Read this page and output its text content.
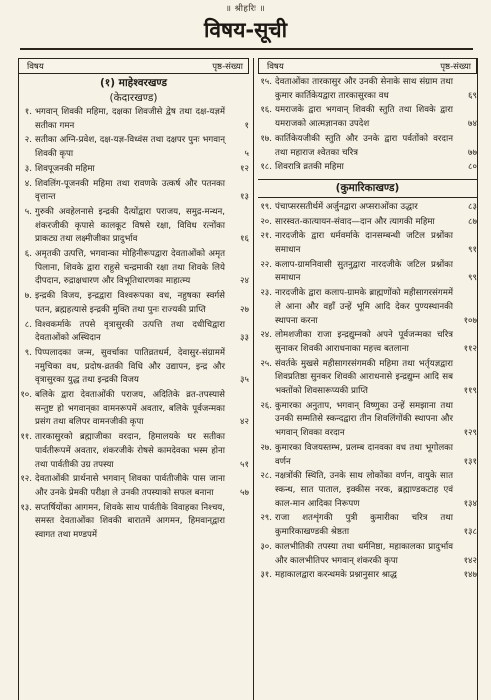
॥ श्रीहरिः ॥
विषय-सूची
विषय	पृष्ठ-संख्या
(१) माहेश्वरखण्ड
(केदारखण्ड)
१. भगवान् शिवकी महिमा, दक्षका शिवजीसे द्वेष तथा दक्ष-यज्ञमें सतीका गमन	१
२. सतीका अग्नि-प्रवेश, दक्ष-यज्ञ-विध्वंस तथा दक्षपर पुनः भगवान् शिवकी कृपा	५
३. शिवपूजनकी महिमा	१२
४. शिवलिंग-पूजनकी महिमा तथा रावणके उत्कर्ष और पतनका वृत्तान्त	१३
५. गुरुकी अवहेलनासे इन्द्रकी दैत्योंद्वारा पराजय, समुद्र-मन्थन, शंकरजीकी कृपासे कालकूट विषसे रक्षा, विविध रत्नोंका प्राकट्य तथा लक्ष्मीजीका प्रादुर्भाव	१६
६. अमृतकी उत्पत्ति, भगवान्का मोहिनीरूपद्वारा देवताओंको अमृत पिलाना, शिवके द्वारा राहुसे चन्द्रमाकी रक्षा तथा शिवके लिये दीपदान, रुद्राक्षधारण और विभूतिधारणका माहात्म्य	२४
७. इन्द्रकी विजय, इन्द्रद्वारा विश्वरूपका वध, नहुषका स्वर्गसे पतन, ब्रह्महत्यासे इन्द्रकी मुक्ति तथा पुनः राज्यकी प्राप्ति	२७
८. विश्वकर्माके तपसे वृत्रासुरकी उत्पत्ति तथा दधीचिद्वारा देवताओंको अस्थिदान	३३
९. पिप्पलादका जन्म, सुवर्चाका पातिव्रतधर्म, देवासुर-संग्राममें नमुचिका वध, प्रदोष-व्रतकी विधि और उद्यापन, इन्द्र और वृत्रासुरका युद्ध तथा इन्द्रकी विजय	३५
१०. बलिके द्वारा देवताओंकी पराजय, अदितिके व्रत-तपस्यासे सन्तुष्ट हो भगवान्‌का वामनरूपमें अवतार, बलिके पूर्वजन्मका प्रसंग तथा बलिपर वामनजीकी कृपा	४२
११. तारकासुरको ब्रह्माजीका वरदान, हिमालयके घर सतीका पार्वतीरूपमें अवतार, शंकरजीके रोषसे कामदेवका भस्म होना तथा पार्वतीकी उग्र तपस्या	५१
१२. देवताओंकी प्रार्थनासे भगवान् शिवका पार्वतीजीके पास जाना और उनके प्रेमकी परीक्षा ले उनकी तपस्याको सफल बनाना	५७
१३. सप्तर्षियोंका आगमन, शिवके साथ पार्वतीके विवाहका निश्चय, समस्त देवताओंका शिवकी बारातमें आगमन, हिमवान्‌द्वारा स्वागत तथा मण्डपमें
विषय	पृष्ठ-संख्या
१५. देवताओंका तारकासुर और उनकी सेनाके साथ संग्राम तथा कुमार कार्तिकेयद्वारा तारकासुरका वध	६९
१६. यमराजके द्वारा भगवान् शिवकी स्तुति तथा शिवके द्वारा यमराजको आत्मज्ञानका उपदेश	७४
१७. कार्तिकेयजीकी स्तुति और उनके द्वारा पर्वतोंको वरदान तथा महाराज श्वेतका चरित्र	७७
१८. शिवरात्रि व्रतकी महिमा	८०
(कुमारिकाखण्ड)
१९. पंचाप्सरसतीर्थमें अर्जुनद्वारा अप्सराओंका उद्धार	८३
२०. सारस्वत-कात्यायन-संवाद—दान और त्यागकी महिमा	८७
२१. नारदजीके द्वारा धर्मवर्माके दानसम्बन्धी जटिल प्रश्नोंका समाधान	९१
२२. कलाप-ग्रामनिवासी सुतनुद्वारा नारदजीके जटिल प्रश्नोंका समाधान	९९
२३. नारदजीके द्वारा कलाप-ग्रामके ब्राह्मणोंको महीसागरसंगममें ले आना और वहाँ उन्हें भूमि आदि देकर पुण्यस्थानकी स्थापना करना	१०७
२४. लोमशजीका राजा इन्द्रद्युम्नको अपने पूर्वजन्मका चरित्र सुनाकर शिवकी आराधनाका महत्त्व बतलाना	११२
२५. संवर्तके मुखसे महीसागरसंगमकी महिमा तथा भर्तृयज्ञद्वारा शिवप्रतिष्ठा सुनकर शिवकी आराधनासे इन्द्रद्युम्न आदि सब भक्तोंको शिवसारूप्यकी प्राप्ति	११९
२६. कुमारका अनुताप, भगवान् विष्णुका उन्हें समझाना तथा उनकी सम्मतिसे स्कन्दद्वारा तीन शिवलिंगोंकी स्थापना और भगवान् शिवका वरदान	१२९
२७. कुमारका विजयस्तम्भ, प्रलम्ब दानवका वध तथा भूगोलका वर्णन	१३१
२८. नक्षत्रोंकी स्थिति, उनके साथ लोकोंका वर्णन, वायुके सात स्कन्ध, सात पाताल, इक्कीस नरक, ब्रह्माण्डकटाह एवं काल-मान आदिका निरूपण	१३४
२९. राजा शतशृंगकी पुत्री कुमारीका चरित्र तथा कुमारिकाखण्डकी श्रेष्ठता	१३८
३०. कालभीतिकी तपस्या तथा धर्मनिष्ठा, महाकालका प्रादुर्भाव और कालभीतिपर भगवान् शंकरकी कृपा	१४२
३१. महाकालद्वारा करन्धमके प्रश्नानुसार श्राद्ध	१४७
